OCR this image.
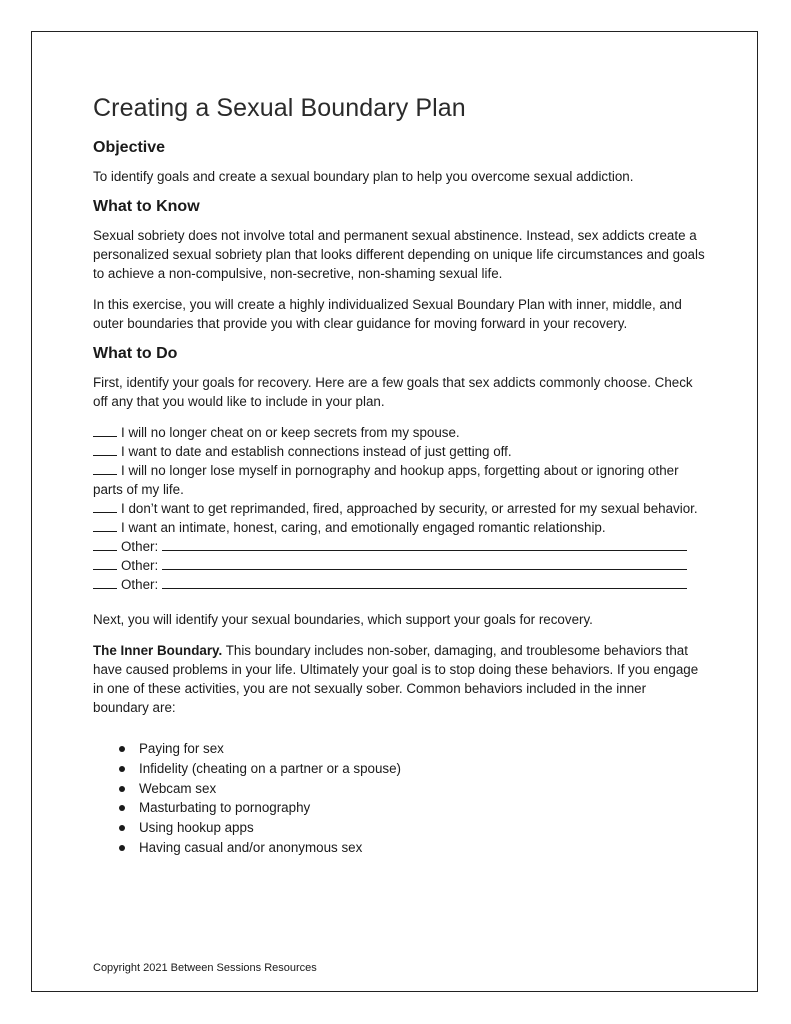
Creating a Sexual Boundary Plan
Objective

To identify goals and create a sexual boundary plan to help you overcome sexual addiction.

What to Know

Sexual sobriety does not involve total and permanent sexual abstinence. Instead, sex addicts create a personalized sexual sobriety plan that looks different depending on unique life circumstances and goals to achieve a non-compulsive, non-secretive, non-shaming sexual life.

In this exercise, you will create a highly individualized Sexual Boundary Plan with inner, middle, and outer boundaries that provide you with clear guidance for moving forward in your recovery.

What to Do

First, identify your goals for recovery. Here are a few goals that sex addicts commonly choose. Check off any that you would like to include in your plan.

I will no longer cheat on or keep secrets from my spouse.
I want to date and establish connections instead of just getting off.
I will no longer lose myself in pornography and hookup apps, forgetting about or ignoring other parts of my life.
I don’t want to get reprimanded, fired, approached by security, or arrested for my sexual behavior.
I want an intimate, honest, caring, and emotionally engaged romantic relationship.
Other:
Other:
Other:

Next, you will identify your sexual boundaries, which support your goals for recovery.

The Inner Boundary. This boundary includes non-sober, damaging, and troublesome behaviors that have caused problems in your life. Ultimately your goal is to stop doing these behaviors. If you engage in one of these activities, you are not sexually sober. Common behaviors included in the inner boundary are:

Paying for sex
Infidelity (cheating on a partner or a spouse)
Webcam sex
Masturbating to pornography
Using hookup apps
Having casual and/or anonymous sex
Copyright 2021 Between Sessions Resources
